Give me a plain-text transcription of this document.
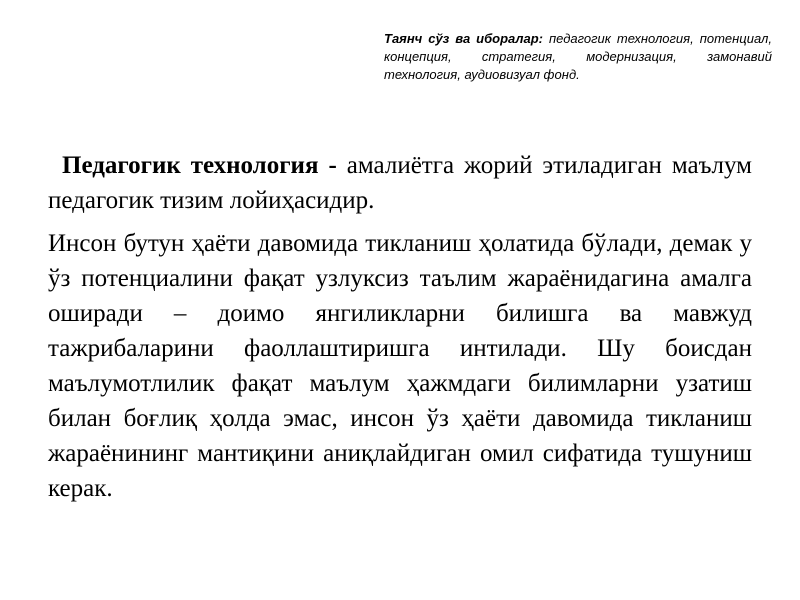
Таянч сўз ва иборалар: педагогик технология, потенциал, концепция, стратегия, модернизация, замонавий технология, аудиовизуал фонд.

Педагогик технология - амалиётга жорий этиладиган маълум педагогик тизим лойиҳасидир.

Инсон бутун ҳаёти давомида тикланиш ҳолатида бўлади, демак у ўз потенциалини фақат узлуксиз таълим жараёнидагина амалга оширади – доимо янгиликларни билишга ва мавжуд тажрибаларини фаоллаштиришга интилади. Шу боисдан маълумотлилик фақат маълум ҳажмдаги билимларни узатиш билан боғлиқ ҳолда эмас, инсон ўз ҳаёти давомида тикланиш жараёнининг мантиқини аниқлайдиган омил сифатида тушуниш керак.
